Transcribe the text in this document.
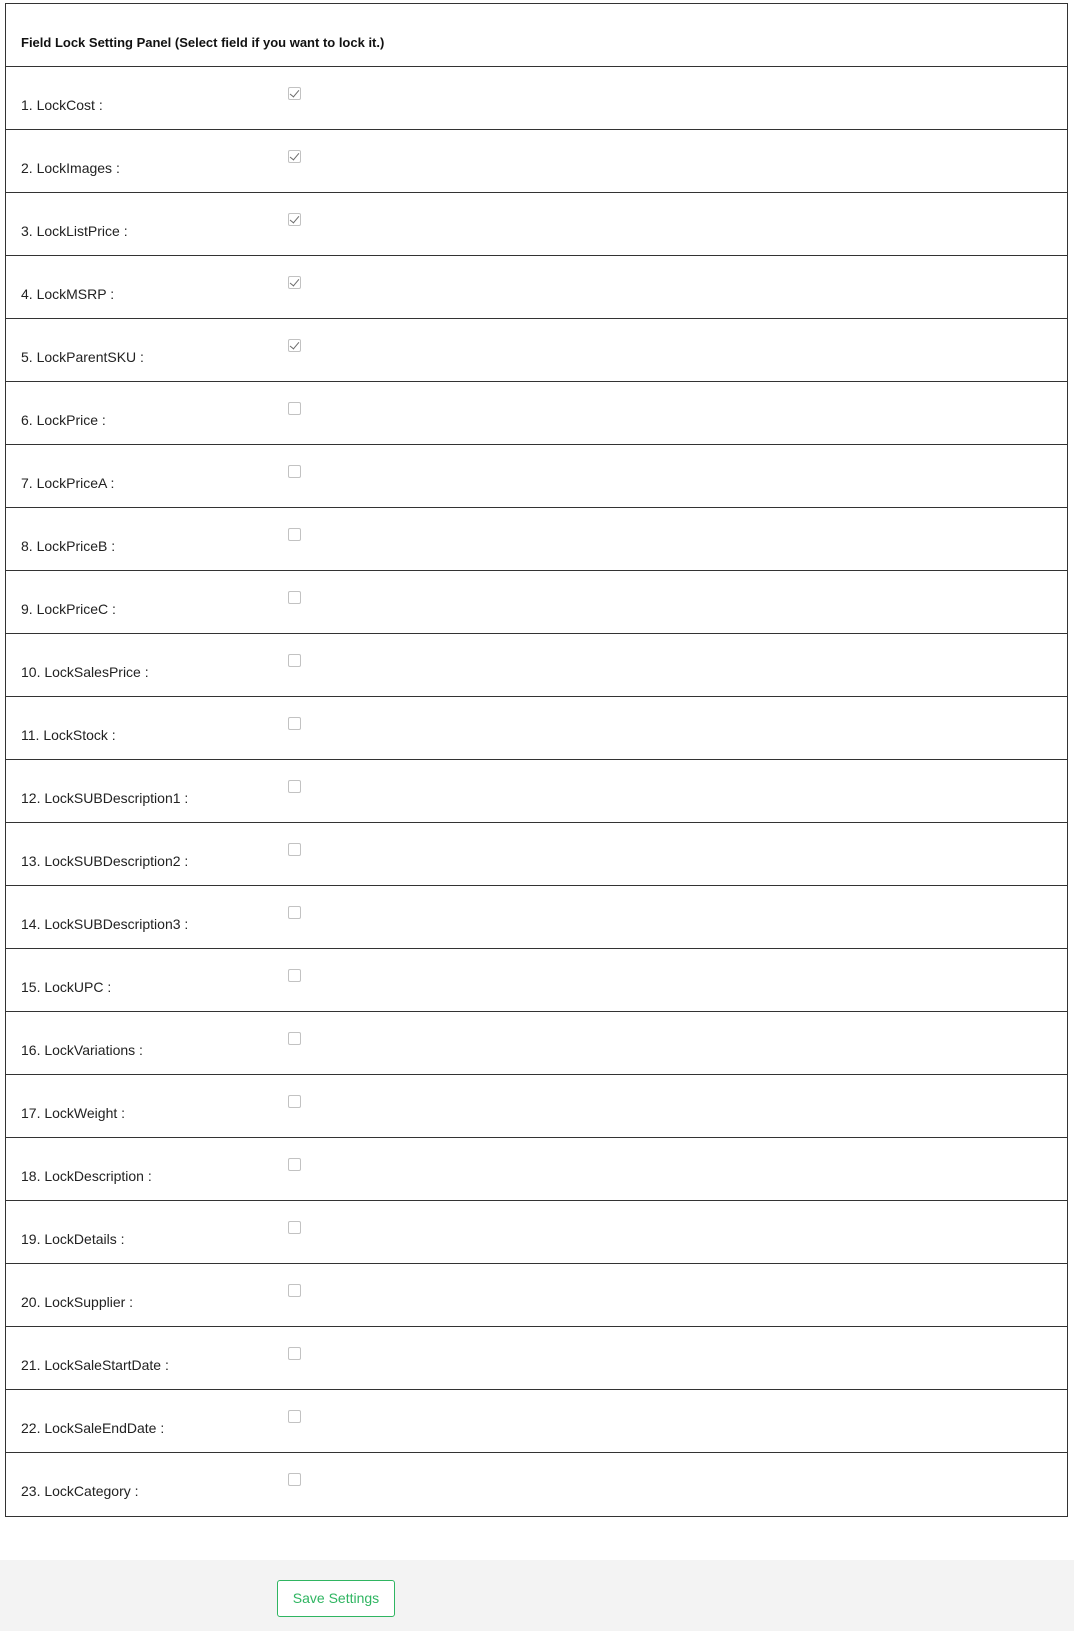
Field Lock Setting Panel (Select field if you want to lock it.)
1. LockCost :
2. LockImages :
3. LockListPrice :
4. LockMSRP :
5. LockParentSKU :
6. LockPrice :
7. LockPriceA :
8. LockPriceB :
9. LockPriceC :
10. LockSalesPrice :
11. LockStock :
12. LockSUBDescription1 :
13. LockSUBDescription2 :
14. LockSUBDescription3 :
15. LockUPC :
16. LockVariations :
17. LockWeight :
18. LockDescription :
19. LockDetails :
20. LockSupplier :
21. LockSaleStartDate :
22. LockSaleEndDate :
23. LockCategory :
Save Settings
